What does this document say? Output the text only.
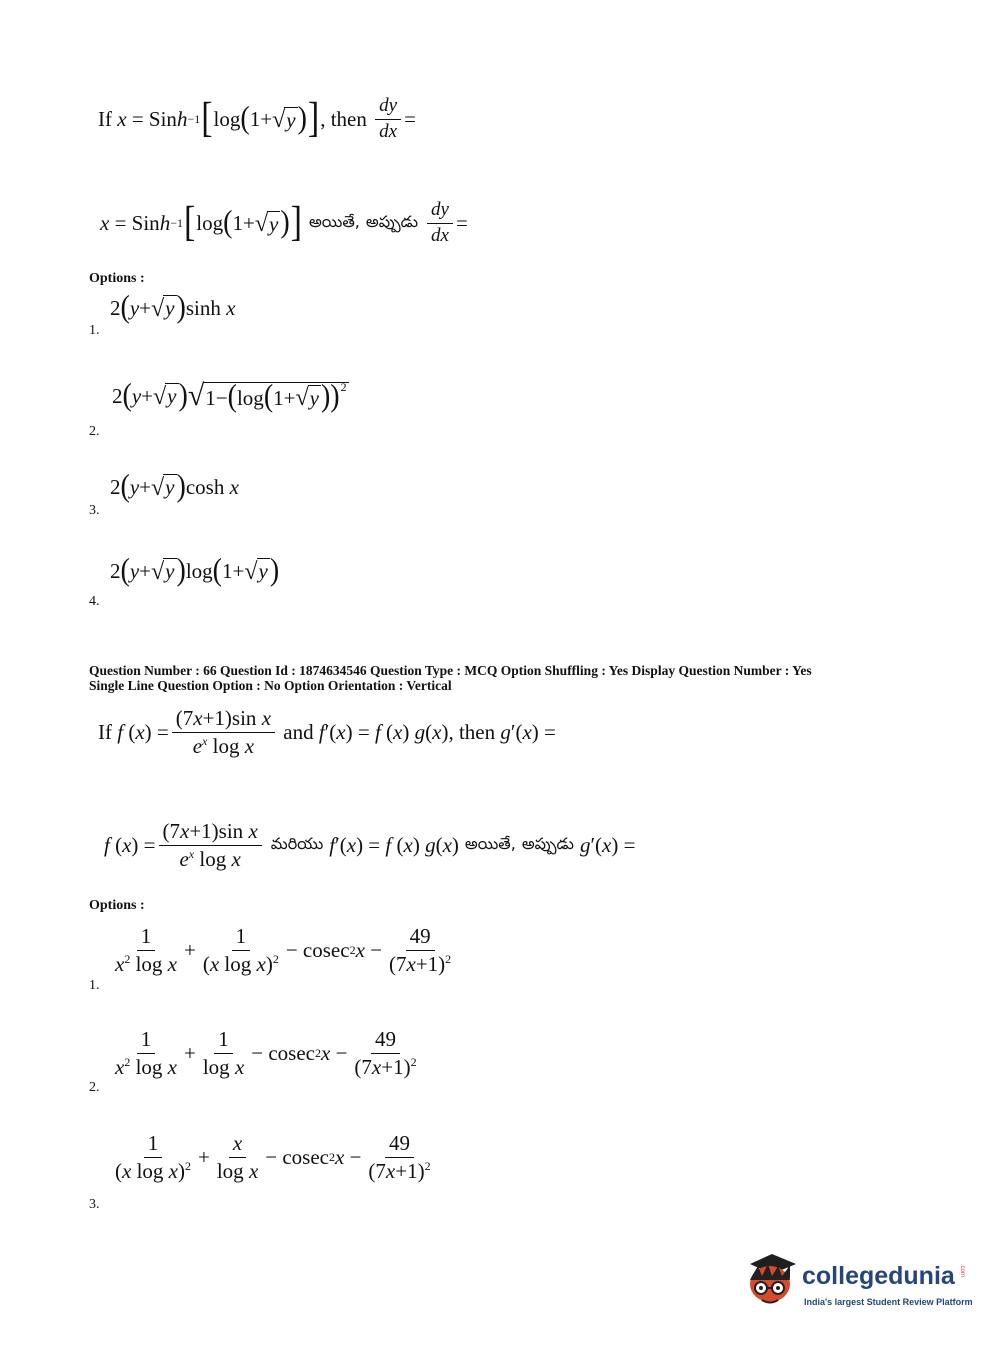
If
x = Sin h −1 [ log ( 1+ √ y ) ] , then
$\frac{dy}{dx}$ =
x = Sin h −1 [ log ( 1+ √ y ) ] అయితే, అప్పుడు $\frac{dy}{dx}$ =
Options :
2 ( y + √ y ) sinh x
1.
2 ( y + √ y ) √ 1−(log(1+ √ y ))$^2$
2.
2 ( y + √ y ) cosh x
3.
2 ( y + √ y ) log ( 1+ √ y )
4.
Question Number : 66 Question Id : 1874634546 Question Type : MCQ Option Shuffling : Yes Display Question Number : Yes
Single Line Question Option : No Option Orientation : Vertical
If
f ( x ) = $\frac{\text{(7x+1)sin x}}{e^x \log x}$
and
f ′( x ) = f ( x ) g ( x ) , then
g ′( x ) =
f ( x ) = $\frac{\text{(7x+1)sin x}}{e^x \log x}$ మరియు f ′( x ) = f ( x ) g ( x ) అయితే, అప్పుడు g ′( x ) =
Options :
$\frac{1}{x^2 \log x} + \frac{1}{(x \log x)^2} - cosec$ 2 $x - \frac{49}{(7x+1)^2}$
1.
$\frac{1}{x^2 \log x} + \frac{1}{\text{log x}} - cosec$ 2 $x - \frac{49}{(7x+1)^2}$
2.
$\frac{1}{(x \log x)^2} + \frac{x}{\text{log x}} - cosec$ 2 $x - \frac{49}{(7x+1)^2}$
3.
collegedunia .com
India's largest Student Review Platform
